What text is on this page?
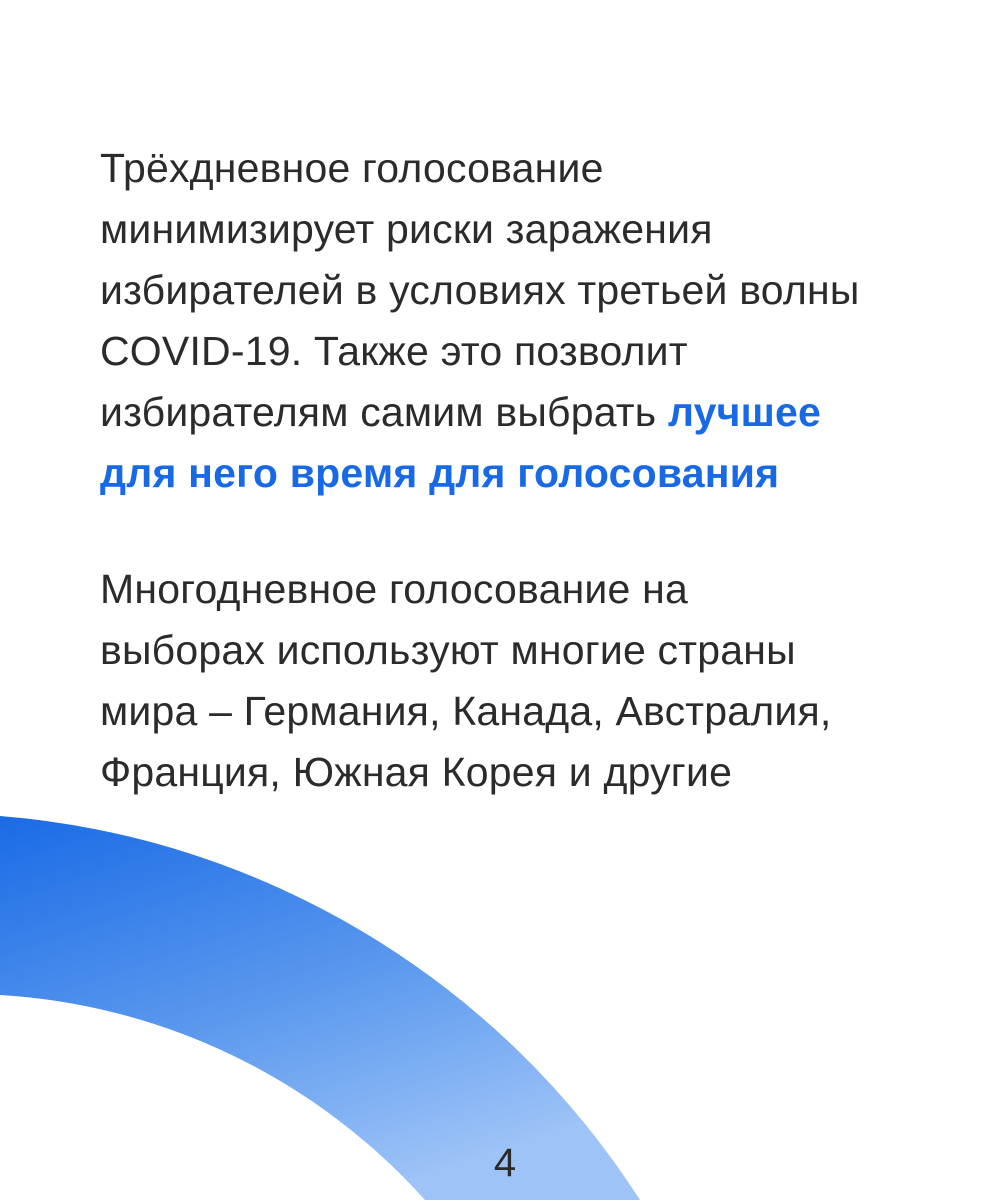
Трёхдневное голосование
минимизирует риски заражения
избирателей в условиях третьей волны
COVID-19. Также это позволит
избирателям самим выбрать лучшее
для него время для голосования
Многодневное голосование на
выборах используют многие страны
мира – Германия, Канада, Австралия,
Франция, Южная Корея и другие
4
